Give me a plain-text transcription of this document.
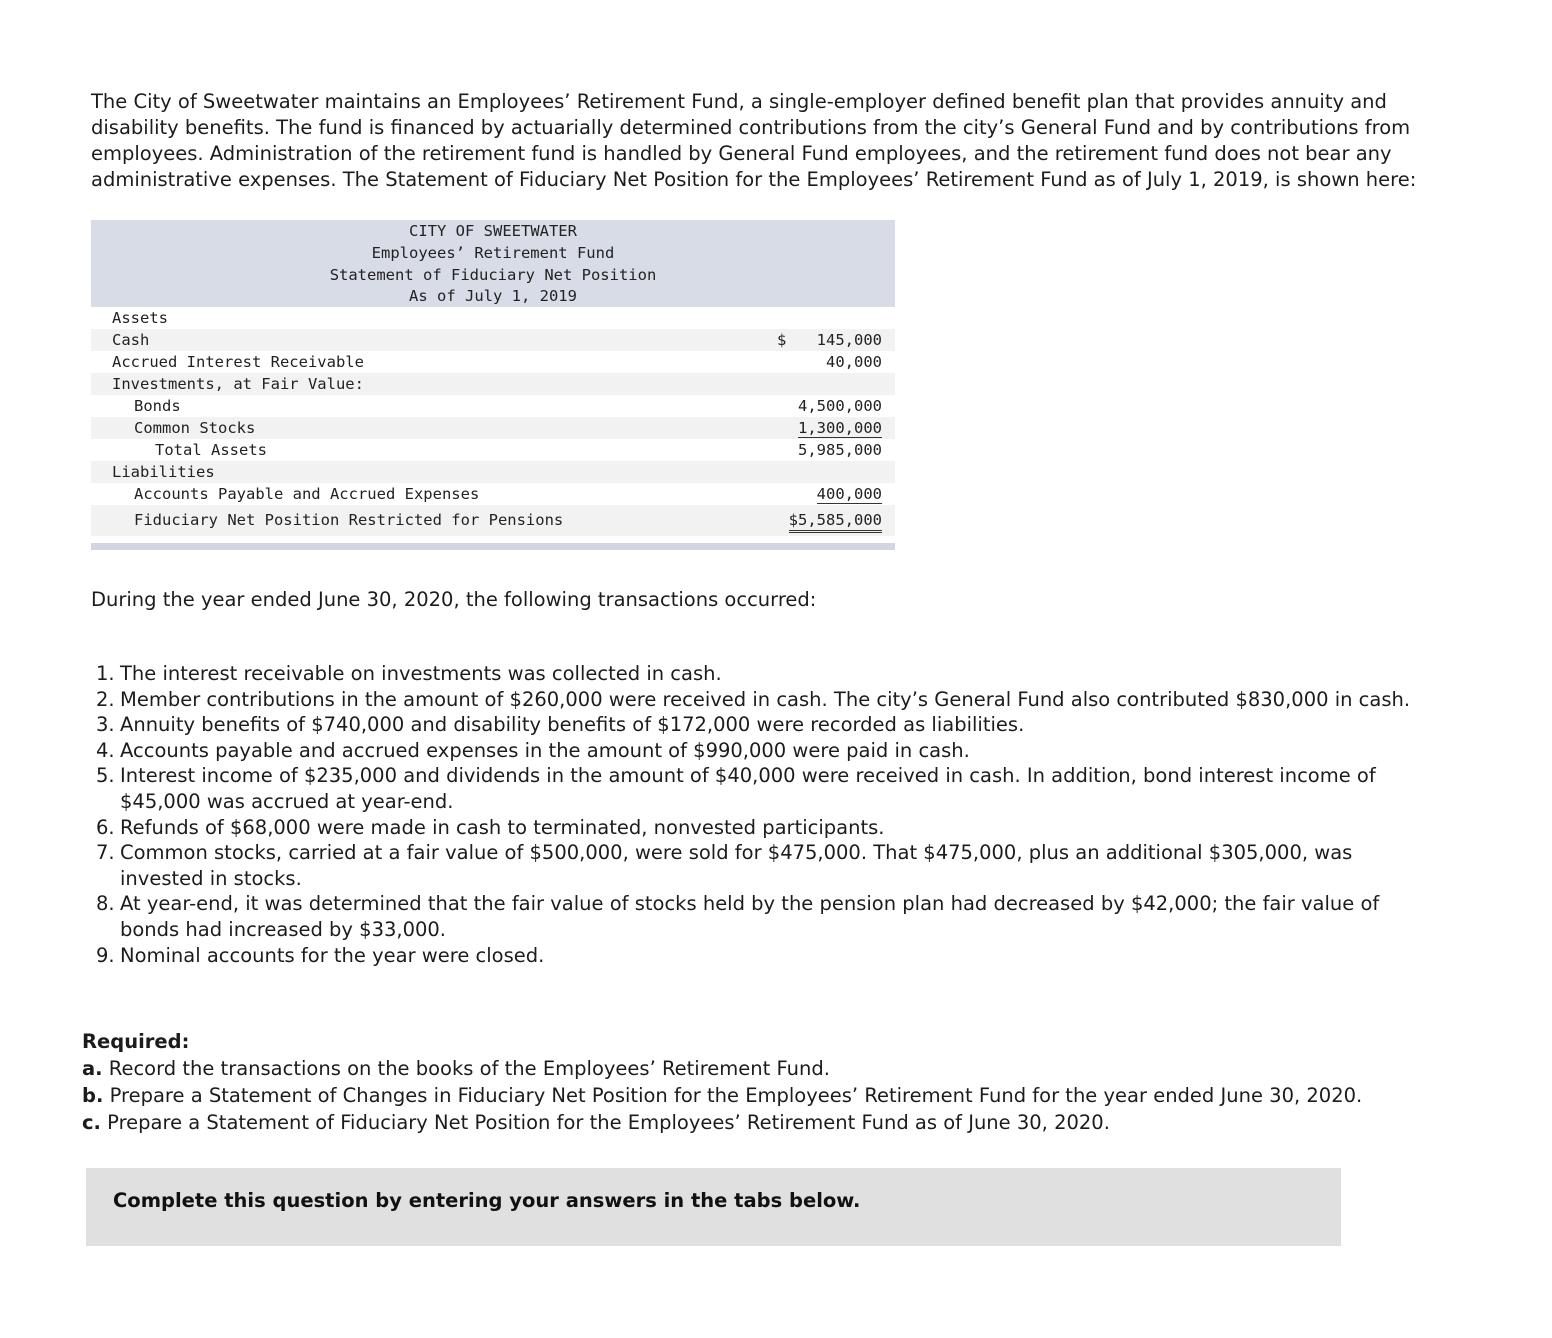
The City of Sweetwater maintains an Employees’ Retirement Fund, a single-employer defined benefit plan that provides annuity and disability benefits. The fund is financed by actuarially determined contributions from the city’s General Fund and by contributions from employees. Administration of the retirement fund is handled by General Fund employees, and the retirement fund does not bear any administrative expenses. The Statement of Fiduciary Net Position for the Employees’ Retirement Fund as of July 1, 2019, is shown here:

CITY OF SWEETWATER
Employees’ Retirement Fund
Statement of Fiduciary Net Position
As of July 1, 2019
Assets
Cash	$ 145,000
Accrued Interest Receivable	40,000
Investments, at Fair Value:
Bonds	4,500,000
Common Stocks	1,300,000
Total Assets	5,985,000
Liabilities
Accounts Payable and Accrued Expenses	400,000
Fiduciary Net Position Restricted for Pensions	$5,585,000

During the year ended June 30, 2020, the following transactions occurred:

1. The interest receivable on investments was collected in cash.
2. Member contributions in the amount of $260,000 were received in cash. The city’s General Fund also contributed $830,000 in cash.
3. Annuity benefits of $740,000 and disability benefits of $172,000 were recorded as liabilities.
4. Accounts payable and accrued expenses in the amount of $990,000 were paid in cash.
5. Interest income of $235,000 and dividends in the amount of $40,000 were received in cash. In addition, bond interest income of $45,000 was accrued at year-end.
6. Refunds of $68,000 were made in cash to terminated, nonvested participants.
7. Common stocks, carried at a fair value of $500,000, were sold for $475,000. That $475,000, plus an additional $305,000, was invested in stocks.
8. At year-end, it was determined that the fair value of stocks held by the pension plan had decreased by $42,000; the fair value of bonds had increased by $33,000.
9. Nominal accounts for the year were closed.
Required:
a. Record the transactions on the books of the Employees’ Retirement Fund.
b. Prepare a Statement of Changes in Fiduciary Net Position for the Employees’ Retirement Fund for the year ended June 30, 2020.
c. Prepare a Statement of Fiduciary Net Position for the Employees’ Retirement Fund as of June 30, 2020.
Complete this question by entering your answers in the tabs below.
